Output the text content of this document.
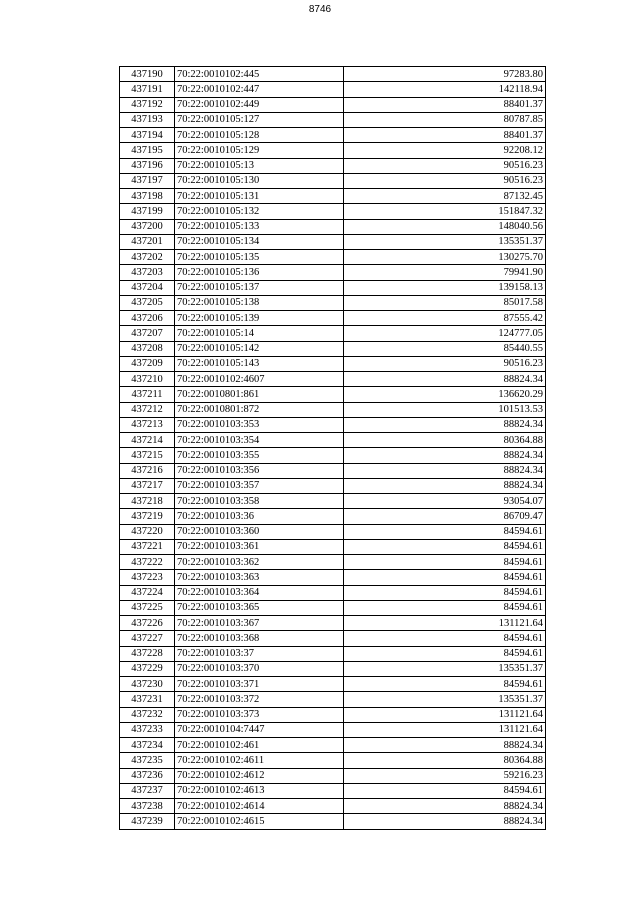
8746
437190	70:22:0010102:445	97283.80
437191	70:22:0010102:447	142118.94
437192	70:22:0010102:449	88401.37
437193	70:22:0010105:127	80787.85
437194	70:22:0010105:128	88401.37
437195	70:22:0010105:129	92208.12
437196	70:22:0010105:13	90516.23
437197	70:22:0010105:130	90516.23
437198	70:22:0010105:131	87132.45
437199	70:22:0010105:132	151847.32
437200	70:22:0010105:133	148040.56
437201	70:22:0010105:134	135351.37
437202	70:22:0010105:135	130275.70
437203	70:22:0010105:136	79941.90
437204	70:22:0010105:137	139158.13
437205	70:22:0010105:138	85017.58
437206	70:22:0010105:139	87555.42
437207	70:22:0010105:14	124777.05
437208	70:22:0010105:142	85440.55
437209	70:22:0010105:143	90516.23
437210	70:22:0010102:4607	88824.34
437211	70:22:0010801:861	136620.29
437212	70:22:0010801:872	101513.53
437213	70:22:0010103:353	88824.34
437214	70:22:0010103:354	80364.88
437215	70:22:0010103:355	88824.34
437216	70:22:0010103:356	88824.34
437217	70:22:0010103:357	88824.34
437218	70:22:0010103:358	93054.07
437219	70:22:0010103:36	86709.47
437220	70:22:0010103:360	84594.61
437221	70:22:0010103:361	84594.61
437222	70:22:0010103:362	84594.61
437223	70:22:0010103:363	84594.61
437224	70:22:0010103:364	84594.61
437225	70:22:0010103:365	84594.61
437226	70:22:0010103:367	131121.64
437227	70:22:0010103:368	84594.61
437228	70:22:0010103:37	84594.61
437229	70:22:0010103:370	135351.37
437230	70:22:0010103:371	84594.61
437231	70:22:0010103:372	135351.37
437232	70:22:0010103:373	131121.64
437233	70:22:0010104:7447	131121.64
437234	70:22:0010102:461	88824.34
437235	70:22:0010102:4611	80364.88
437236	70:22:0010102:4612	59216.23
437237	70:22:0010102:4613	84594.61
437238	70:22:0010102:4614	88824.34
437239	70:22:0010102:4615	88824.34
